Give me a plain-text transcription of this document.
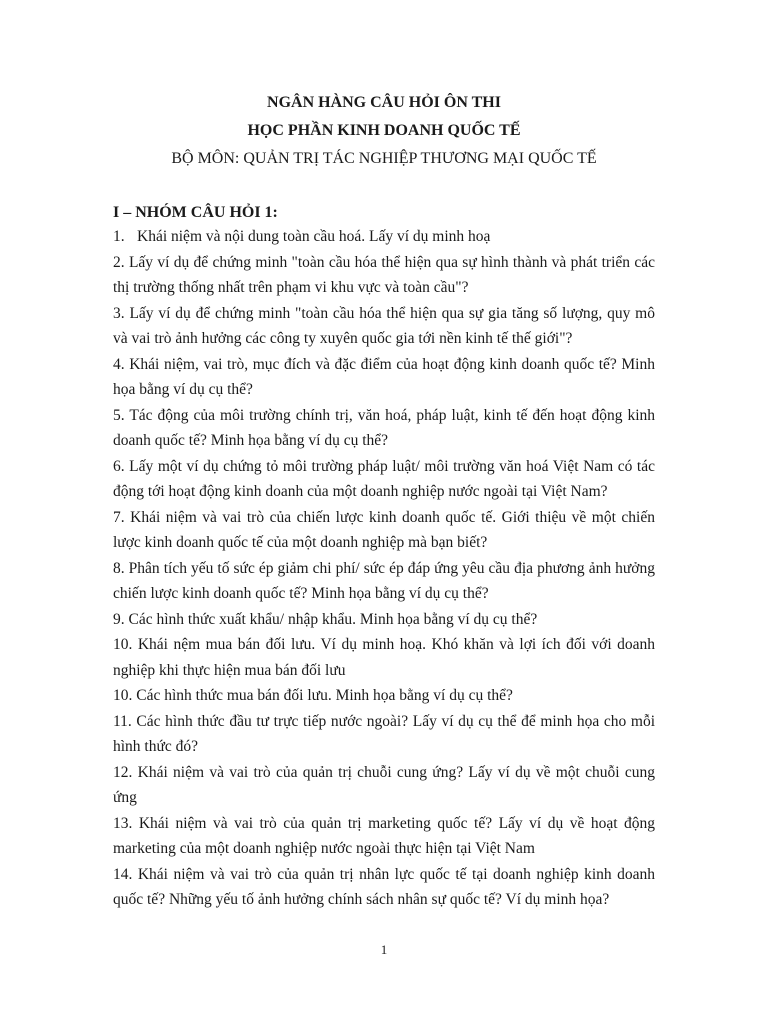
NGÂN HÀNG CÂU HỎI ÔN THI
HỌC PHẦN KINH DOANH QUỐC TẾ
BỘ MÔN: QUẢN TRỊ TÁC NGHIỆP THƯƠNG MẠI QUỐC TẾ
I – NHÓM CÂU HỎI 1:
1. Khái niệm và nội dung toàn cầu hoá. Lấy ví dụ minh hoạ
2. Lấy ví dụ để chứng minh "toàn cầu hóa thể hiện qua sự hình thành và phát triển các thị trường thống nhất trên phạm vi khu vực và toàn cầu"?
3. Lấy ví dụ để chứng minh "toàn cầu hóa thể hiện qua sự gia tăng số lượng, quy mô và vai trò ảnh hưởng các công ty xuyên quốc gia tới nền kinh tế thế giới"?
4. Khái niệm, vai trò, mục đích và đặc điểm của hoạt động kinh doanh quốc tế? Minh họa bằng ví dụ cụ thể?
5. Tác động của môi trường chính trị, văn hoá, pháp luật, kinh tế đến hoạt động kinh doanh quốc tế? Minh họa bằng ví dụ cụ thể?
6. Lấy một ví dụ chứng tỏ môi trường pháp luật/ môi trường văn hoá Việt Nam có tác động tới hoạt động kinh doanh của một doanh nghiệp nước ngoài tại Việt Nam?
7. Khái niệm và vai trò của chiến lược kinh doanh quốc tế. Giới thiệu về một chiến lược kinh doanh quốc tế của một doanh nghiệp mà bạn biết?
8. Phân tích yếu tố sức ép giảm chi phí/ sức ép đáp ứng yêu cầu địa phương ảnh hưởng chiến lược kinh doanh quốc tế? Minh họa bằng ví dụ cụ thể?
9. Các hình thức xuất khẩu/ nhập khẩu. Minh họa bằng ví dụ cụ thể?
10. Khái nệm mua bán đối lưu. Ví dụ minh hoạ. Khó khăn và lợi ích đối với doanh nghiệp khi thực hiện mua bán đối lưu
10. Các hình thức mua bán đối lưu. Minh họa bằng ví dụ cụ thể?
11. Các hình thức đầu tư trực tiếp nước ngoài? Lấy ví dụ cụ thể để minh họa cho mỗi hình thức đó?
12. Khái niệm và vai trò của quản trị chuỗi cung ứng? Lấy ví dụ về một chuỗi cung ứng
13. Khái niệm và vai trò của quản trị marketing quốc tế? Lấy ví dụ về hoạt động marketing của một doanh nghiệp nước ngoài thực hiện tại Việt Nam
14. Khái niệm và vai trò của quản trị nhân lực quốc tế tại doanh nghiệp kinh doanh quốc tế? Những yếu tố ảnh hưởng chính sách nhân sự quốc tế? Ví dụ minh họa?
1
